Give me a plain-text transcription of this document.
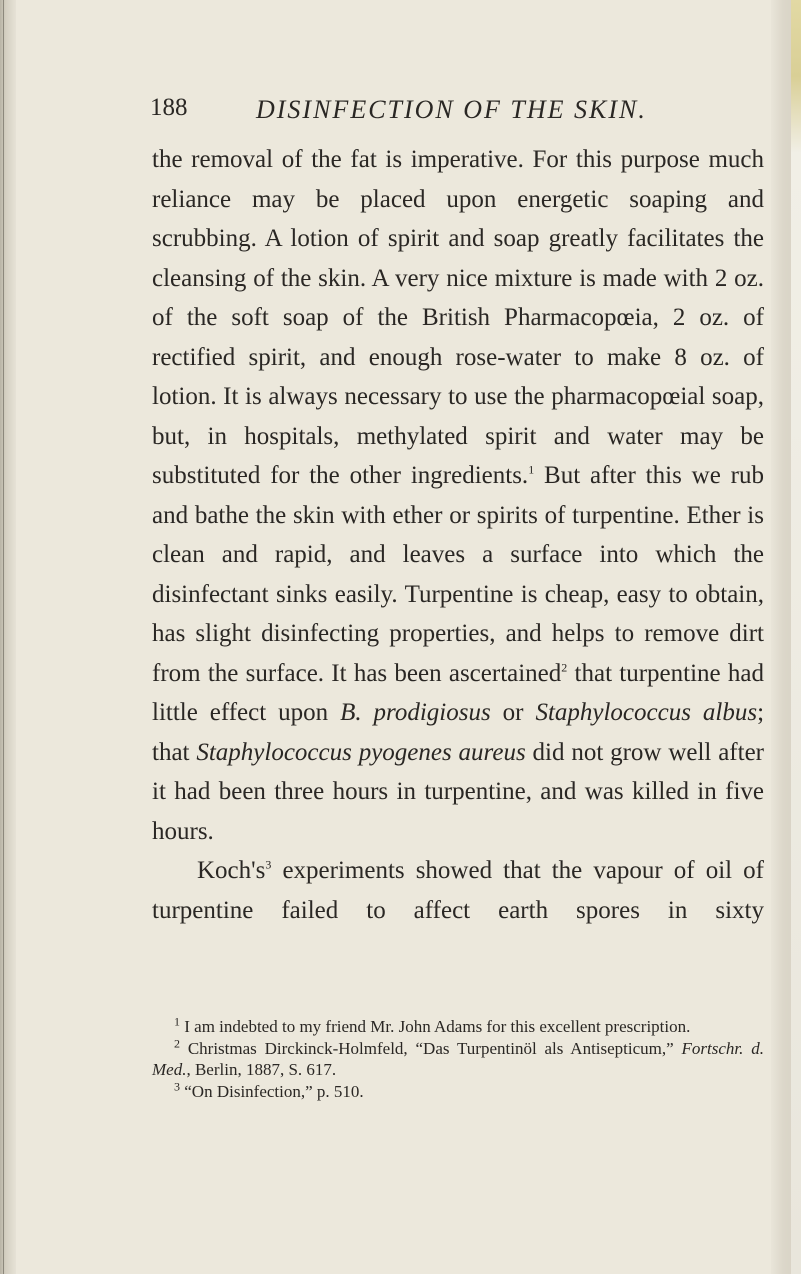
188	DISINFECTION OF THE SKIN.

the removal of the fat is imperative. For this purpose much reliance may be placed upon energetic soaping and scrubbing. A lotion of spirit and soap greatly facilitates the cleansing of the skin. A very nice mixture is made with 2 oz. of the soft soap of the British Pharmacopœia, 2 oz. of rectified spirit, and enough rose-water to make 8 oz. of lotion. It is always necessary to use the pharmacopœial soap, but, in hospitals, methylated spirit and water may be substituted for the other ingredients.$^1$ But after this we rub and bathe the skin with ether or spirits of turpentine. Ether is clean and rapid, and leaves a surface into which the disinfectant sinks easily. Turpentine is cheap, easy to obtain, has slight disinfecting properties, and helps to remove dirt from the surface. It has been ascertained$^2$ that turpentine had little effect upon B. prodigiosus or Staphylococcus albus; that Staphylococcus pyogenes aureus did not grow well after it had been three hours in turpentine, and was killed in five hours.

$Koch's^3$ experiments showed that the vapour of oil of turpentine failed to affect earth spores in sixty

$^1$ I am indebted to my friend Mr. John Adams for this excellent prescription.

$^2$ Christmas Dirckinck-Holmfeld, “Das Turpentinöl als Antisepticum,” Fortschr. d. Med., Berlin, 1887, S. 617.

$^3$ “On Disinfection,” p. 510.
